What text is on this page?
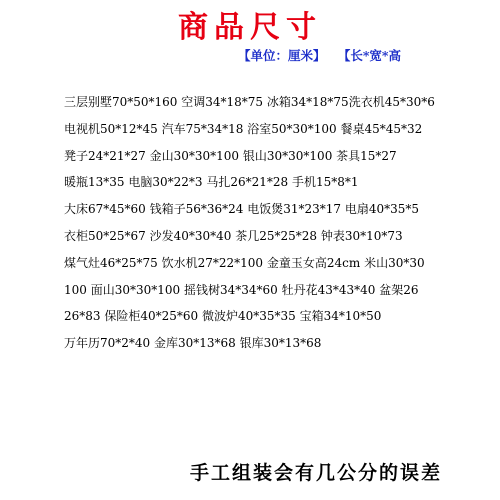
商品尺寸
【单位：厘米】 【长*宽*高
三层别墅70*50*160 空调34*18*75 冰箱34*18*75洗衣机45*30*6
电视机50*12*45 汽车75*34*18 浴室50*30*100 餐桌45*45*32
凳子24*21*27 金山30*30*100 银山30*30*100 茶具15*27
暖瓶13*35 电脑30*22*3 马扎26*21*28 手机15*8*1
大床67*45*60 钱箱子56*36*24 电饭煲31*23*17 电扇40*35*5
衣柜50*25*67 沙发40*30*40 茶几25*25*28 钟表30*10*73
煤气灶46*25*75 饮水机27*22*100 金童玉女高24cm 米山30*30
100 面山30*30*100 摇钱树34*34*60 牡丹花43*43*40 盆架26
26*83 保险柜40*25*60 微波炉40*35*35 宝箱34*10*50
万年历70*2*40 金库30*13*68 银库30*13*68
手工组装会有几公分的误差
